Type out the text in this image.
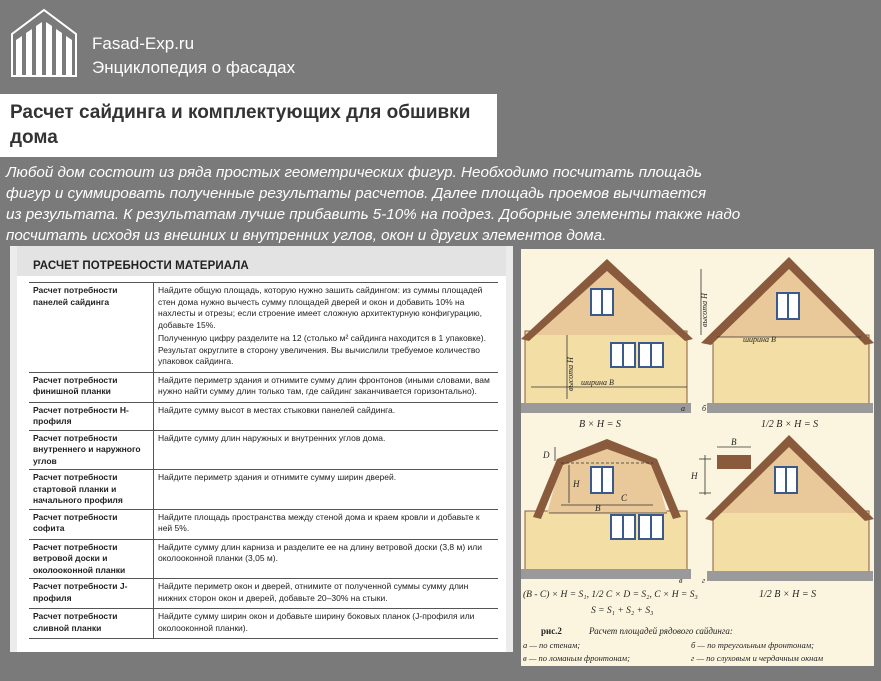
Fasad-Exp.ru
Энциклопедия о фасадах
Расчет сайдинга и комплектующих для обшивки дома

Любой дом состоит из ряда простых геометрических фигур. Необходимо посчитать площадь

фигур и суммировать полученные результаты расчетов. Далее площадь проемов вычитается

из результата. К результатам лучше прибавить 5-10% на подрез. Доборные элементы также надо

посчитать исходя из внешних и внутренних углов, окон и других элементов дома.

РАСЧЕТ ПОТРЕБНОСТИ МАТЕРИАЛА
Расчет потребности панелей сайдинга	Найдите общую площадь, которую нужно зашить сайдингом: из суммы площадей стен дома нужно вычесть сумму площадей дверей и окон и добавить 10% на нахлесты и отрезы; если строение имеет сложную архитектурную конфигурацию, добавьте 15%.

Полученную цифру разделите на 12 (столько м² сайдинга находится в 1 упаковке). Результат округлите в сторону увеличения. Вы вычислили требуемое количество упаковок сайдинга.

Расчет потребности финишной планки	Найдите периметр здания и отнимите сумму длин фронтонов (иными словами, вам нужно найти сумму длин только там, где сайдинг заканчивается горизонтально).

Расчет потребности Н-профиля	Найдите сумму высот в местах стыковки панелей сайдинга.

Расчет потребности внутреннего и наружного углов	Найдите сумму длин наружных и внутренних углов дома.

Расчет потребности стартовой планки и начального профиля	Найдите периметр здания и отнимите сумму ширин дверей.

Расчет потребности софита	Найдите площадь пространства между стеной дома и краем кровли и добавьте к ней 5%.

Расчет потребности ветровой доски и околооконной планки	Найдите сумму длин карниза и разделите ее на длину ветровой доски (3,8 м) или околооконной планки (3,05 м).

Расчет потребности J-профиля	Найдите периметр окон и дверей, отнимите от полученной суммы сумму длин нижних сторон окон и дверей, добавьте 20–30% на стыки.

Расчет потребности сливной планки	Найдите сумму ширин окон и добавьте ширину боковых планок (J-профиля или околооконной планки).

ширина В
высота Н
а
B × H = S
ширина В
высота Н
б
1/2 B × H = S
D
H
C
B
в
(B - C) × H = S₁, 1/2 C × D = S₂, C × H = S₃
S = S₁ + S₂ + S₃
B
H
г
1/2 B × H = S
рис.2	Расчет площадей рядового сайдинга:
а — по стенам;	б — по треугольным фронтонам;
в — по ломаным фронтонам;	г — по слуховым и чердачным окнам
